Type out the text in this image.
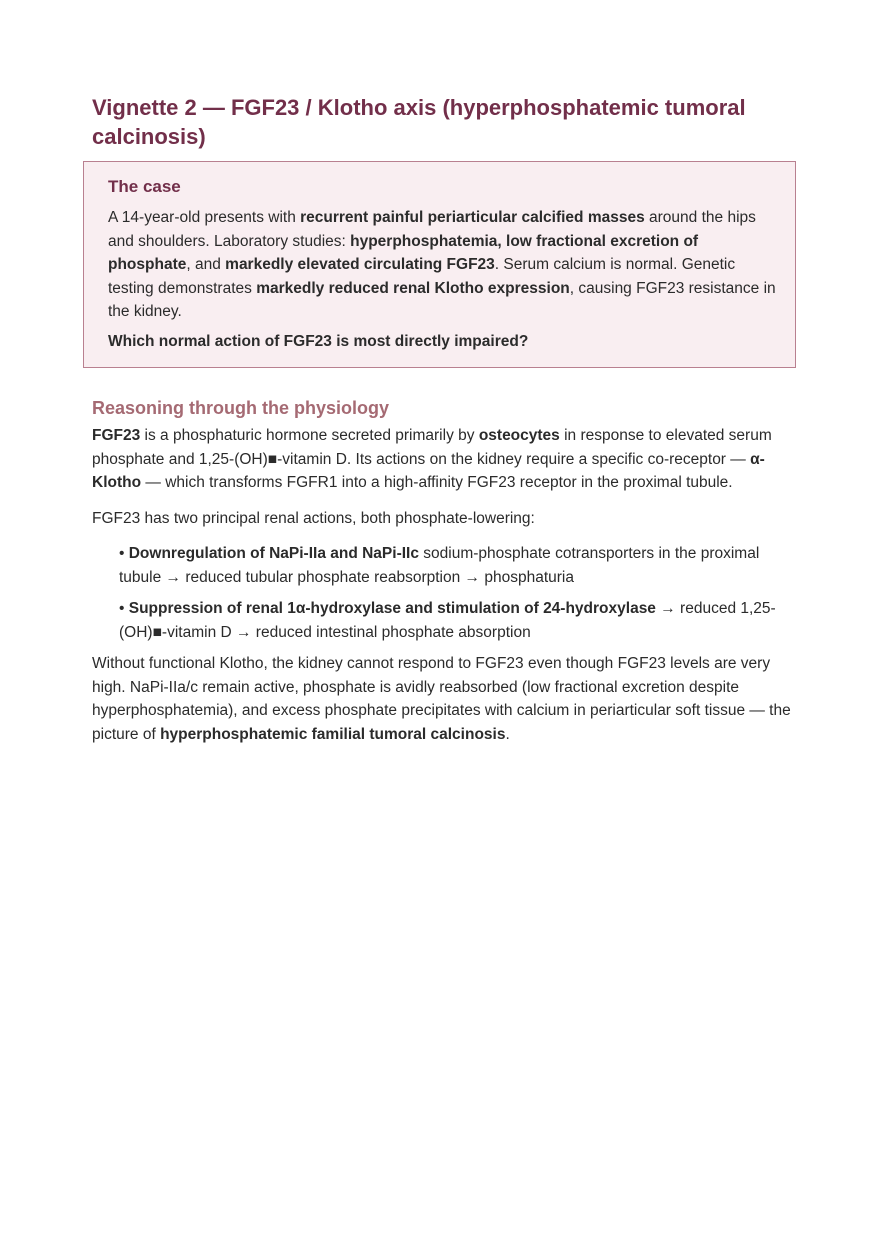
Vignette 2 — FGF23 / Klotho axis (hyperphosphatemic tumoral calcinosis)
The case

A 14-year-old presents with recurrent painful periarticular calcified masses around the hips and shoulders. Laboratory studies: hyperphosphatemia, low fractional excretion of phosphate, and markedly elevated circulating FGF23. Serum calcium is normal. Genetic testing demonstrates markedly reduced renal Klotho expression, causing FGF23 resistance in the kidney.

Which normal action of FGF23 is most directly impaired?

Reasoning through the physiology

FGF23 is a phosphaturic hormone secreted primarily by osteocytes in response to elevated serum phosphate and 1,25-(OH)■-vitamin D. Its actions on the kidney require a specific co-receptor — α-Klotho — which transforms FGFR1 into a high-affinity FGF23 receptor in the proximal tubule.

FGF23 has two principal renal actions, both phosphate-lowering:

• Downregulation of NaPi-IIa and NaPi-IIc sodium-phosphate cotransporters in the proximal tubule → reduced tubular phosphate reabsorption → phosphaturia
• Suppression of renal 1α-hydroxylase and stimulation of 24-hydroxylase → reduced 1,25-(OH)■-vitamin D → reduced intestinal phosphate absorption

Without functional Klotho, the kidney cannot respond to FGF23 even though FGF23 levels are very high. NaPi-IIa/c remain active, phosphate is avidly reabsorbed (low fractional excretion despite hyperphosphatemia), and excess phosphate precipitates with calcium in periarticular soft tissue — the picture of hyperphosphatemic familial tumoral calcinosis.
